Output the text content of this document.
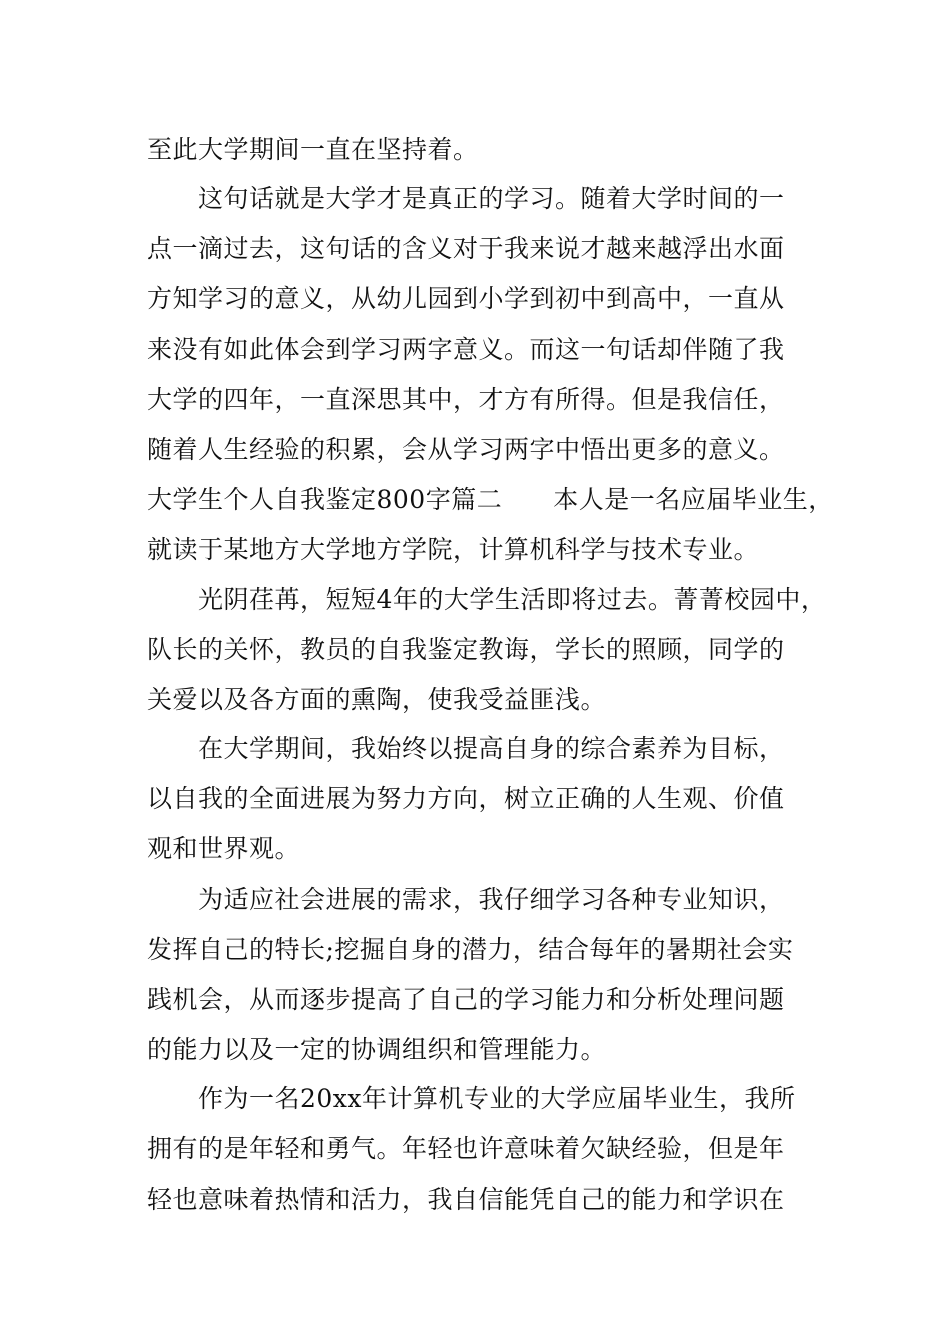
至此大学期间一直在坚持着。
这句话就是大学才是真正的学习。随着大学时间的一
点一滴过去，这句话的含义对于我来说才越来越浮出水面
方知学习的意义，从幼儿园到小学到初中到高中，一直从
来没有如此体会到学习两字意义。而这一句话却伴随了我
大学的四年，一直深思其中，才方有所得。但是我信任，
随着人生经验的积累，会从学习两字中悟出更多的意义。
大学生个人自我鉴定800字篇二　　本人是一名应届毕业生，
就读于某地方大学地方学院，计算机科学与技术专业。
光阴荏苒，短短4年的大学生活即将过去。菁菁校园中，
队长的关怀，教员的自我鉴定教诲，学长的照顾，同学的
关爱以及各方面的熏陶，使我受益匪浅。
在大学期间，我始终以提高自身的综合素养为目标，
以自我的全面进展为努力方向，树立正确的人生观、价值
观和世界观。
为适应社会进展的需求，我仔细学习各种专业知识，
发挥自己的特长;挖掘自身的潜力，结合每年的暑期社会实
践机会，从而逐步提高了自己的学习能力和分析处理问题
的能力以及一定的协调组织和管理能力。
作为一名20xx年计算机专业的大学应届毕业生，我所
拥有的是年轻和勇气。年轻也许意味着欠缺经验，但是年
轻也意味着热情和活力，我自信能凭自己的能力和学识在
